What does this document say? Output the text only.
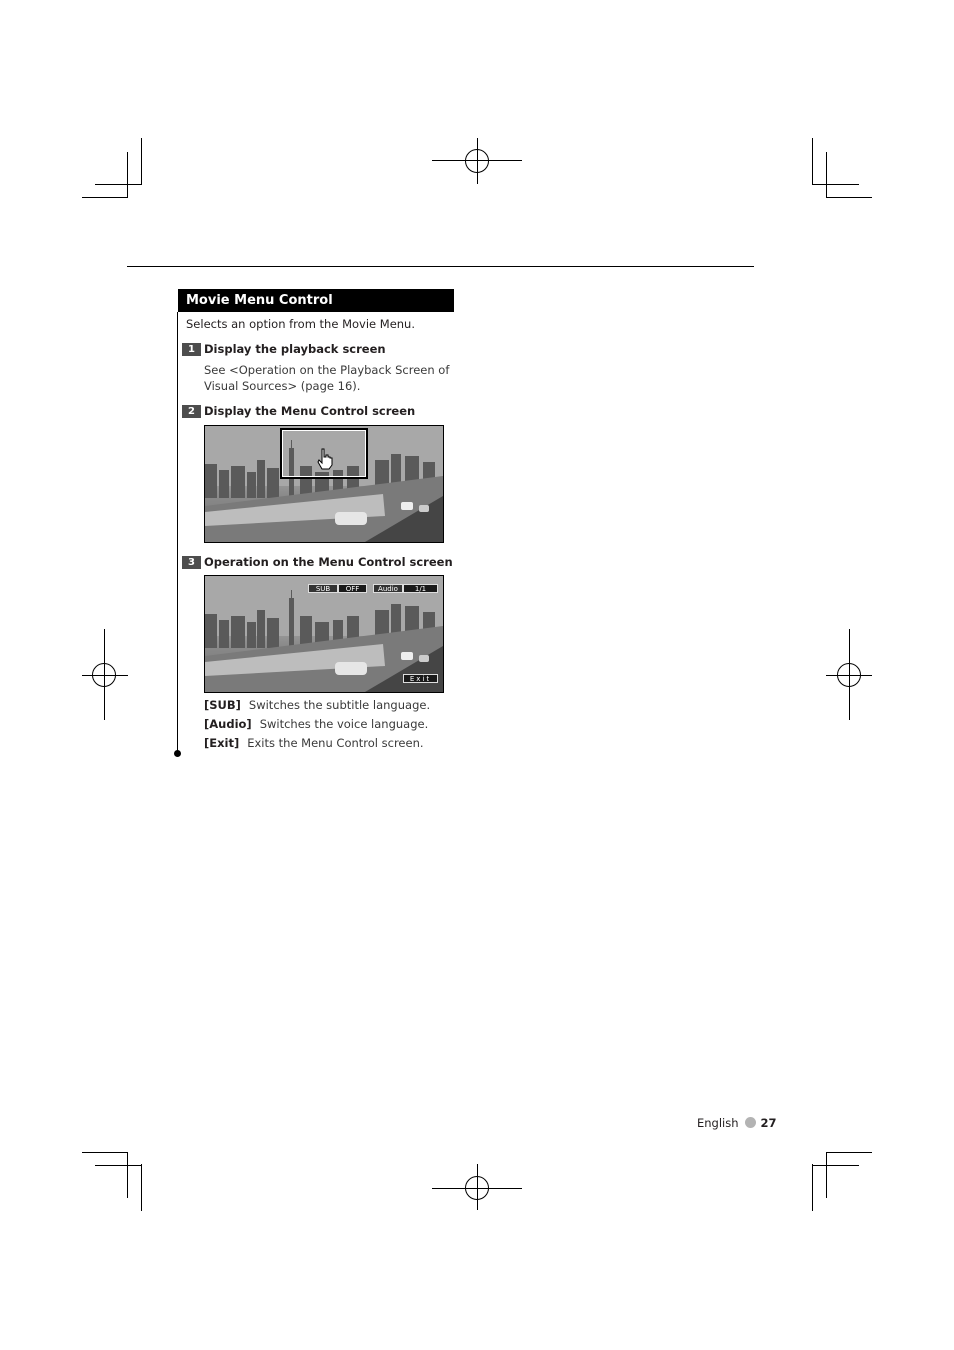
Movie Menu Control
Selects an option from the Movie Menu.
1 Display the playback screen
See <Operation on the Playback Screen of Visual Sources> (page 16).
2 Display the Menu Control screen
3 Operation on the Menu Control screen
SUB	OFF	Audio	1/1
Exit
[SUB] Switches the subtitle language.
[Audio] Switches the voice language.
[Exit] Exits the Menu Control screen.
English 27
